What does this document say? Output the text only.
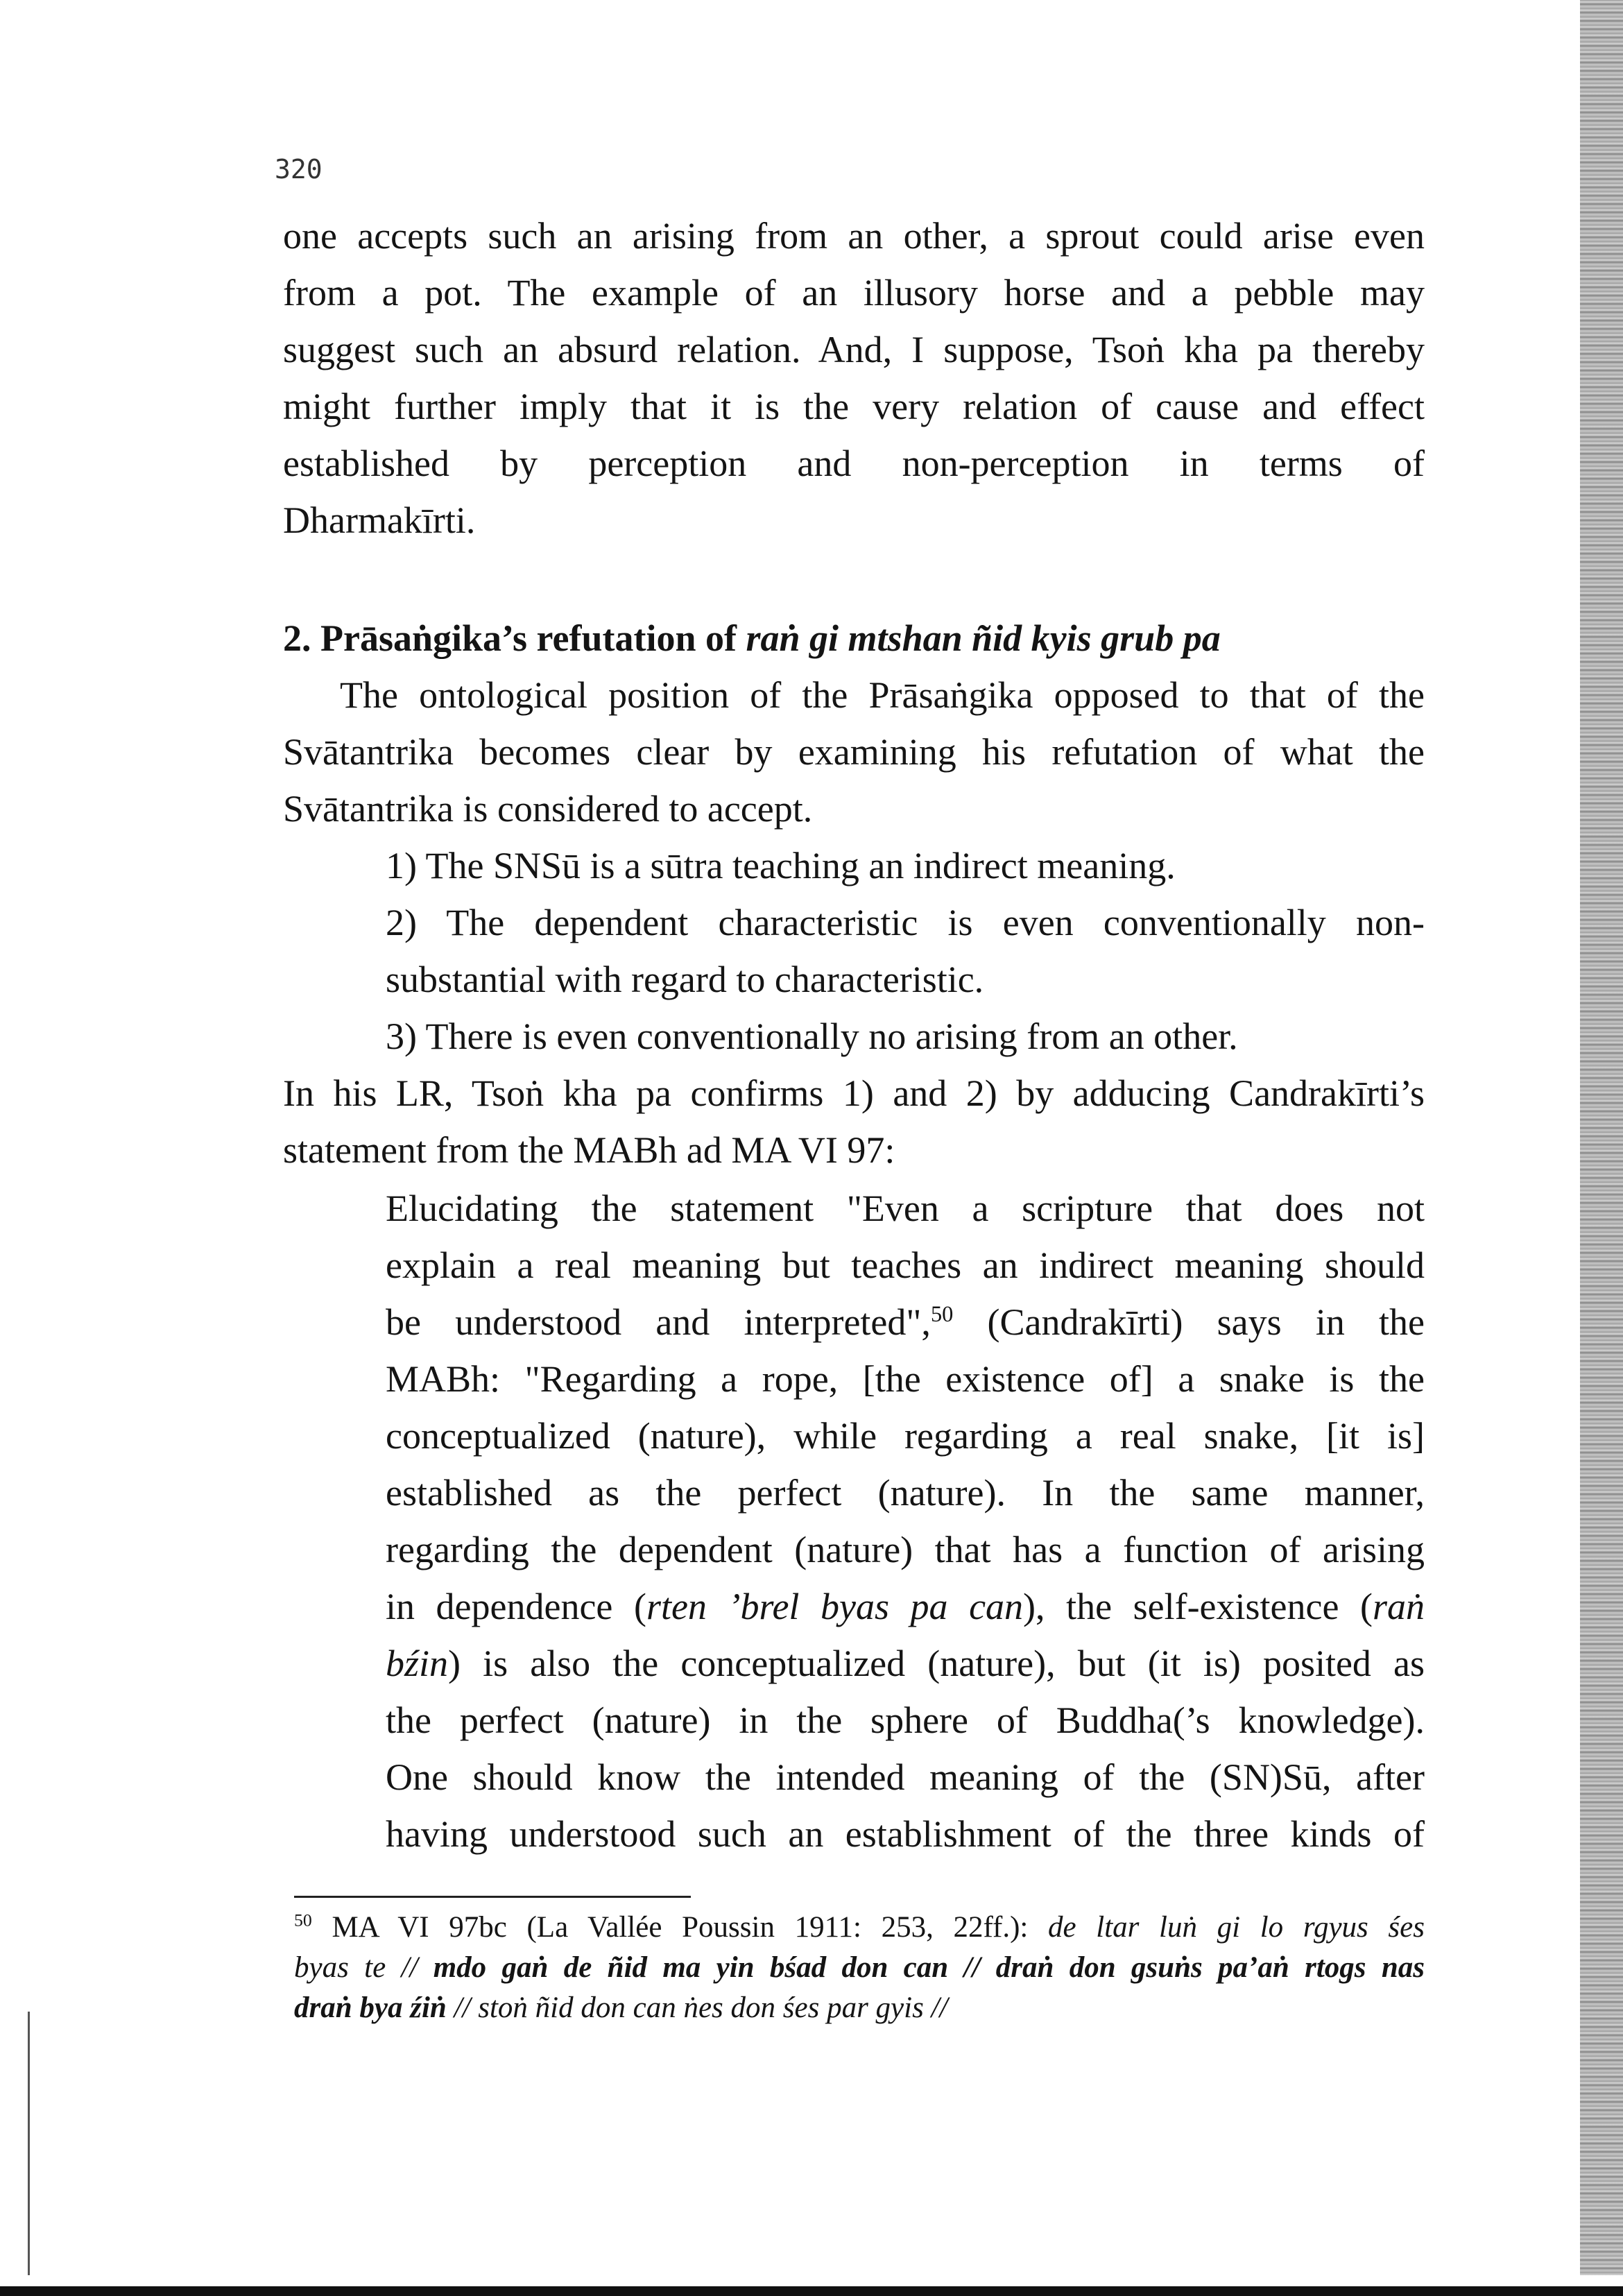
320
one accepts such an arising from an other, a sprout could arise even
from a pot. The example of an illusory horse and a pebble may
suggest such an absurd relation. And, I suppose, Tsoṅ kha pa thereby
might further imply that it is the very relation of cause and effect
established by perception and non-perception in terms of
Dharmakīrti.
2. Prāsaṅgika’s refutation of raṅ gi mtshan ñid kyis grub pa
The ontological position of the Prāsaṅgika opposed to that of the
Svātantrika becomes clear by examining his refutation of what the
Svātantrika is considered to accept.
1) The SNSū is a sūtra teaching an indirect meaning.
2) The dependent characteristic is even conventionally non-
substantial with regard to characteristic.
3) There is even conventionally no arising from an other.
In his LR, Tsoṅ kha pa confirms 1) and 2) by adducing Candrakīrti’s
statement from the MABh ad MA VI 97:
Elucidating the statement "Even a scripture that does not
explain a real meaning but teaches an indirect meaning should
be understood and interpreted",$^{50}$ (Candrakīrti) says in the
MABh: "Regarding a rope, [the existence of] a snake is the
conceptualized (nature), while regarding a real snake, [it is]
established as the perfect (nature). In the same manner,
regarding the dependent (nature) that has a function of arising
in dependence (rten ’brel byas pa can), the self-existence (raṅ
bźin) is also the conceptualized (nature), but (it is) posited as
the perfect (nature) in the sphere of Buddha(’s knowledge).
One should know the intended meaning of the (SN)Sū, after
having understood such an establishment of the three kinds of
$^{50}$ MA VI 97bc (La Vallée Poussin 1911: 253, 22ff.): de ltar luṅ gi lo rgyus śes
byas te // mdo gaṅ de ñid ma yin bśad don can // draṅ don gsuṅs pa’aṅ rtogs nas
draṅ bya źiṅ // stoṅ ñid don can ṅes don śes par gyis //
